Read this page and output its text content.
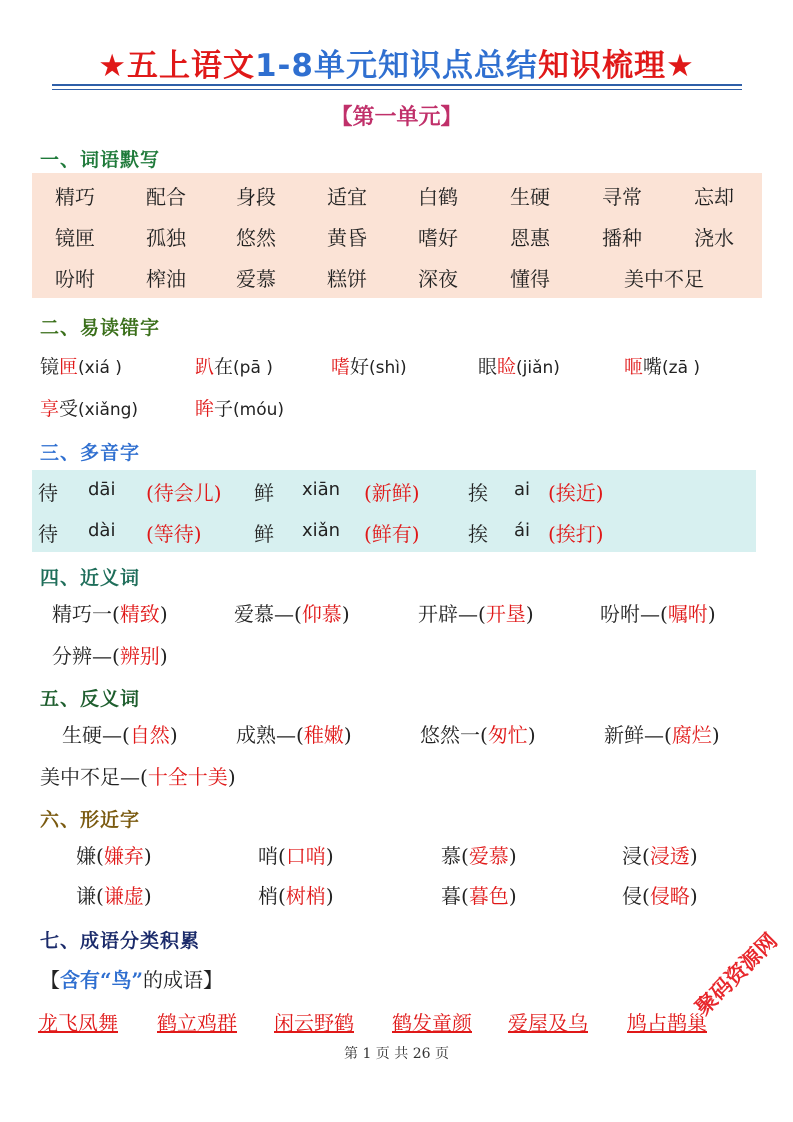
★五上语文1-8单元知识点总结知识梳理★
【第一单元】
一、词语默写
精巧	配合	身段	适宜	白鹤	生硬	寻常	忘却
镜匣	孤独	悠然	黄昏	嗜好	恩惠	播种	浇水
吩咐	榨油	爱慕	糕饼	深夜	懂得	美中不足
二、易读错字
镜匣(xiá )	趴在(pā )	嗜好(shì)	眼睑(jiǎn)	咂嘴(zā )
享受(xiǎng)	眸子(móu)
三、多音字
待 dāi (待会儿) 鲜 xiān (新鲜) 挨 ai (挨近)
待 dài (等待)	鲜 xiǎn (鲜有) 挨 ái (挨打)
四、近义词
精巧一(精致)	爱慕—(仰慕)	开辟—(开垦)	吩咐—(嘱咐)
分辨—(辨别)
五、反义词
生硬—(自然)	成熟—(稚嫩)	悠然一(匆忙)	新鲜—(腐烂)
美中不足—(十全十美)
六、形近字
嫌(嫌弃)	哨(口哨)	慕(爱慕)	浸(浸透)
谦(谦虚)	梢(树梢)	暮(暮色)	侵(侵略)
七、成语分类积累
【含有“鸟”的成语】
龙飞凤舞 鹤立鸡群 闲云野鹤 鹤发童颜 爱屋及乌 鸠占鹊巢
第 1 页 共 26 页
聚码资源网
